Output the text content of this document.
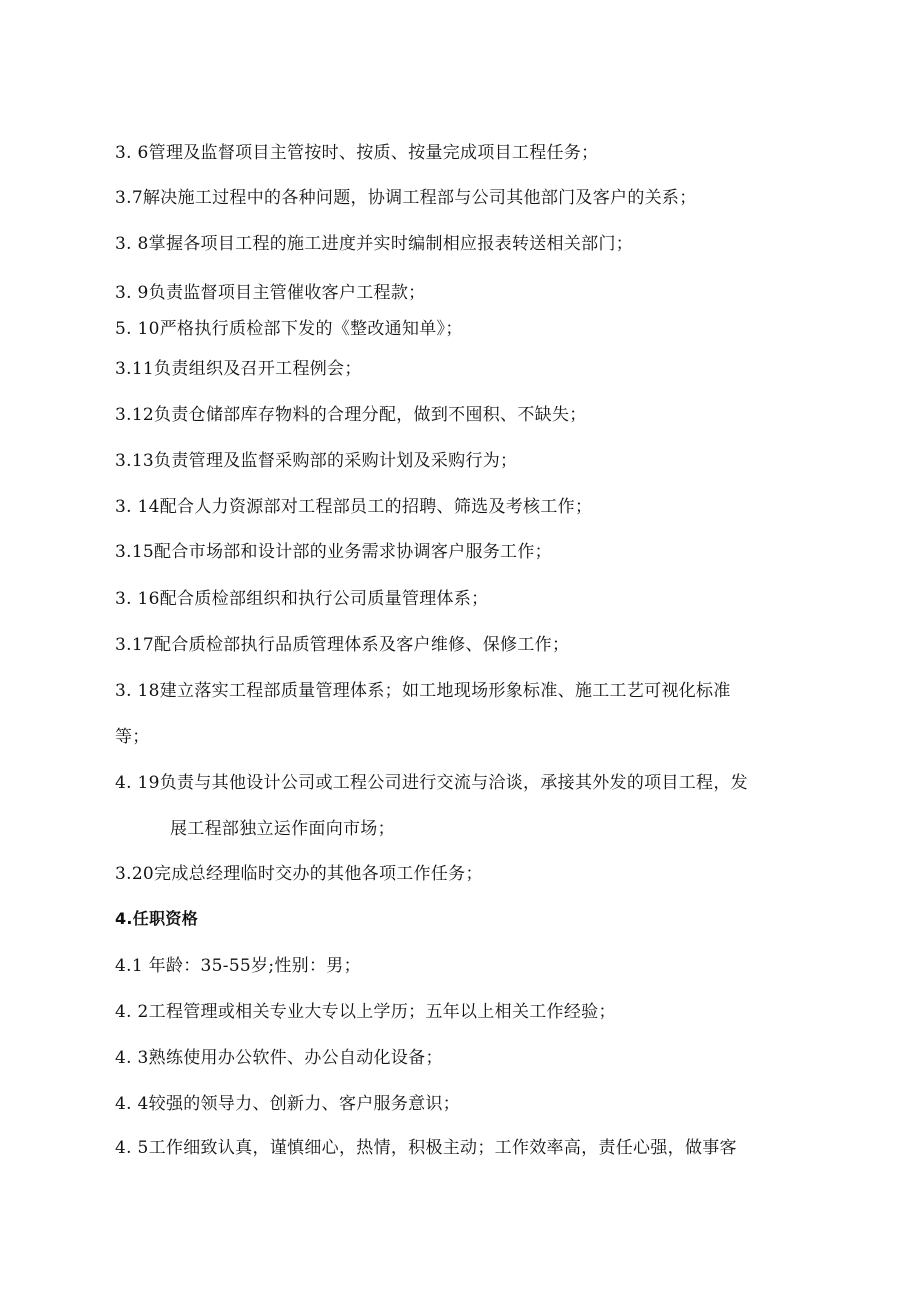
3. 6管理及监督项目主管按时、按质、按量完成项目工程任务；
3.7解决施工过程中的各种问题，协调工程部与公司其他部门及客户的关系；
3. 8掌握各项目工程的施工进度并实时编制相应报表转送相关部门；
3. 9负责监督项目主管催收客户工程款；
5. 10严格执行质检部下发的《整改通知单》；
3.11负责组织及召开工程例会；
3.12负责仓储部库存物料的合理分配，做到不囤积、不缺失；
3.13负责管理及监督采购部的采购计划及采购行为；
3. 14配合人力资源部对工程部员工的招聘、筛选及考核工作；
3.15配合市场部和设计部的业务需求协调客户服务工作；
3. 16配合质检部组织和执行公司质量管理体系；
3.17配合质检部执行品质管理体系及客户维修、保修工作；
3. 18建立落实工程部质量管理体系；如工地现场形象标准、施工工艺可视化标准
等；
4. 19负责与其他设计公司或工程公司进行交流与洽谈，承接其外发的项目工程，发
展工程部独立运作面向市场；
3.20完成总经理临时交办的其他各项工作任务；
4.任职资格
4.1 年龄：35-55岁;性别：男；
4. 2工程管理或相关专业大专以上学历；五年以上相关工作经验；
4. 3熟练使用办公软件、办公自动化设备；
4. 4较强的领导力、创新力、客户服务意识；
4. 5工作细致认真，谨慎细心，热情，积极主动；工作效率高，责任心强，做事客
